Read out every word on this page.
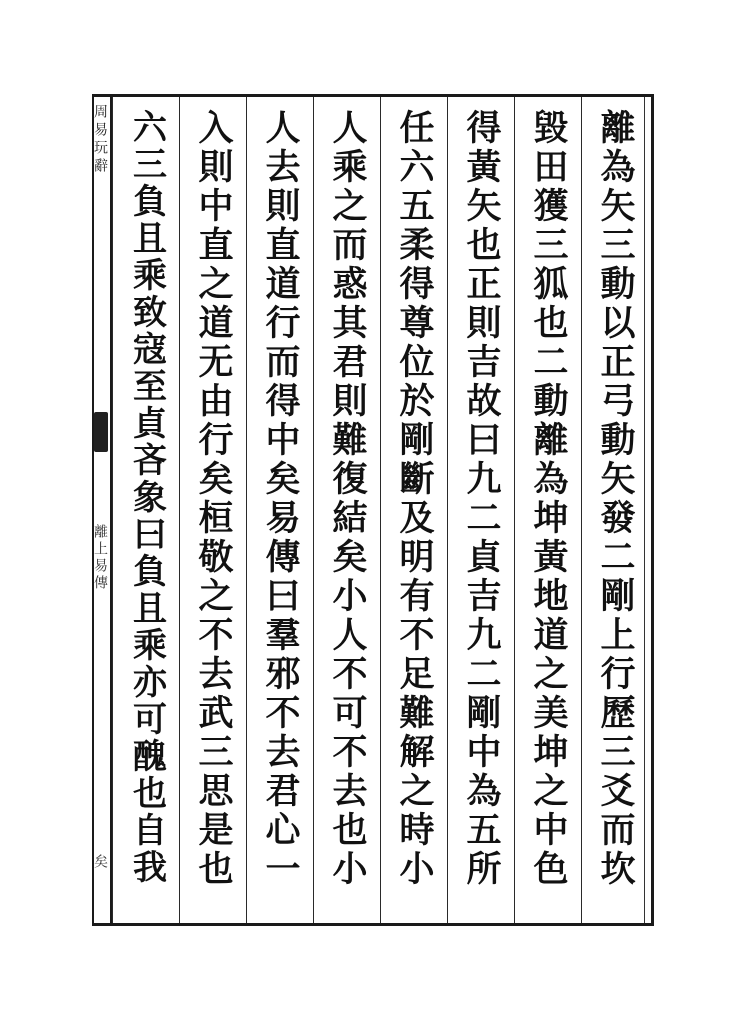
周易玩辭
離上易傳
矣	離為矢三動以正弓動矢發二剛上行歷三爻而坎
毀田獲三狐也二動離為坤黃地道之美坤之中色
得黃矢也正則吉故曰九二貞吉九二剛中為五所
任六五柔得尊位於剛斷及明有不足難解之時小
人乘之而惑其君則難復結矣小人不可不去也小
人去則直道行而得中矣易傳曰羣邪不去君心一
入則中直之道无由行矣桓敬之不去武三思是也
六三負且乘致寇至貞吝象曰負且乘亦可醜也自我
